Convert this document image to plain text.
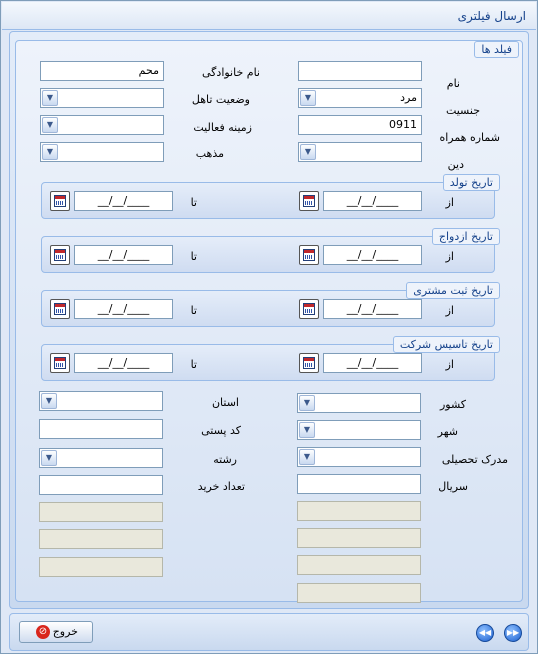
ارسال فیلتری
فیلد ها
نام
جنسیت
مرد
▼
شماره همراه
0911
دین
▼
نام خانوادگی
محم
وضعیت تاهل
▼
زمینه فعالیت
▼
مذهب
▼
از
__/__/____
تا
__/__/____
تاریخ تولد
از
__/__/____
تا
__/__/____
تاریخ ازدواج
از
__/__/____
تا
__/__/____
تاریخ ثبت مشتری
از
__/__/____
تا
__/__/____
تاریخ تاسیس شرکت
کشور
▼
شهر
▼
مدرک تحصیلی
▼
سریال
استان
▼
کد پستی
رشته
▼
تعداد خرید
⊘ خروج	◀◀	▶▶
